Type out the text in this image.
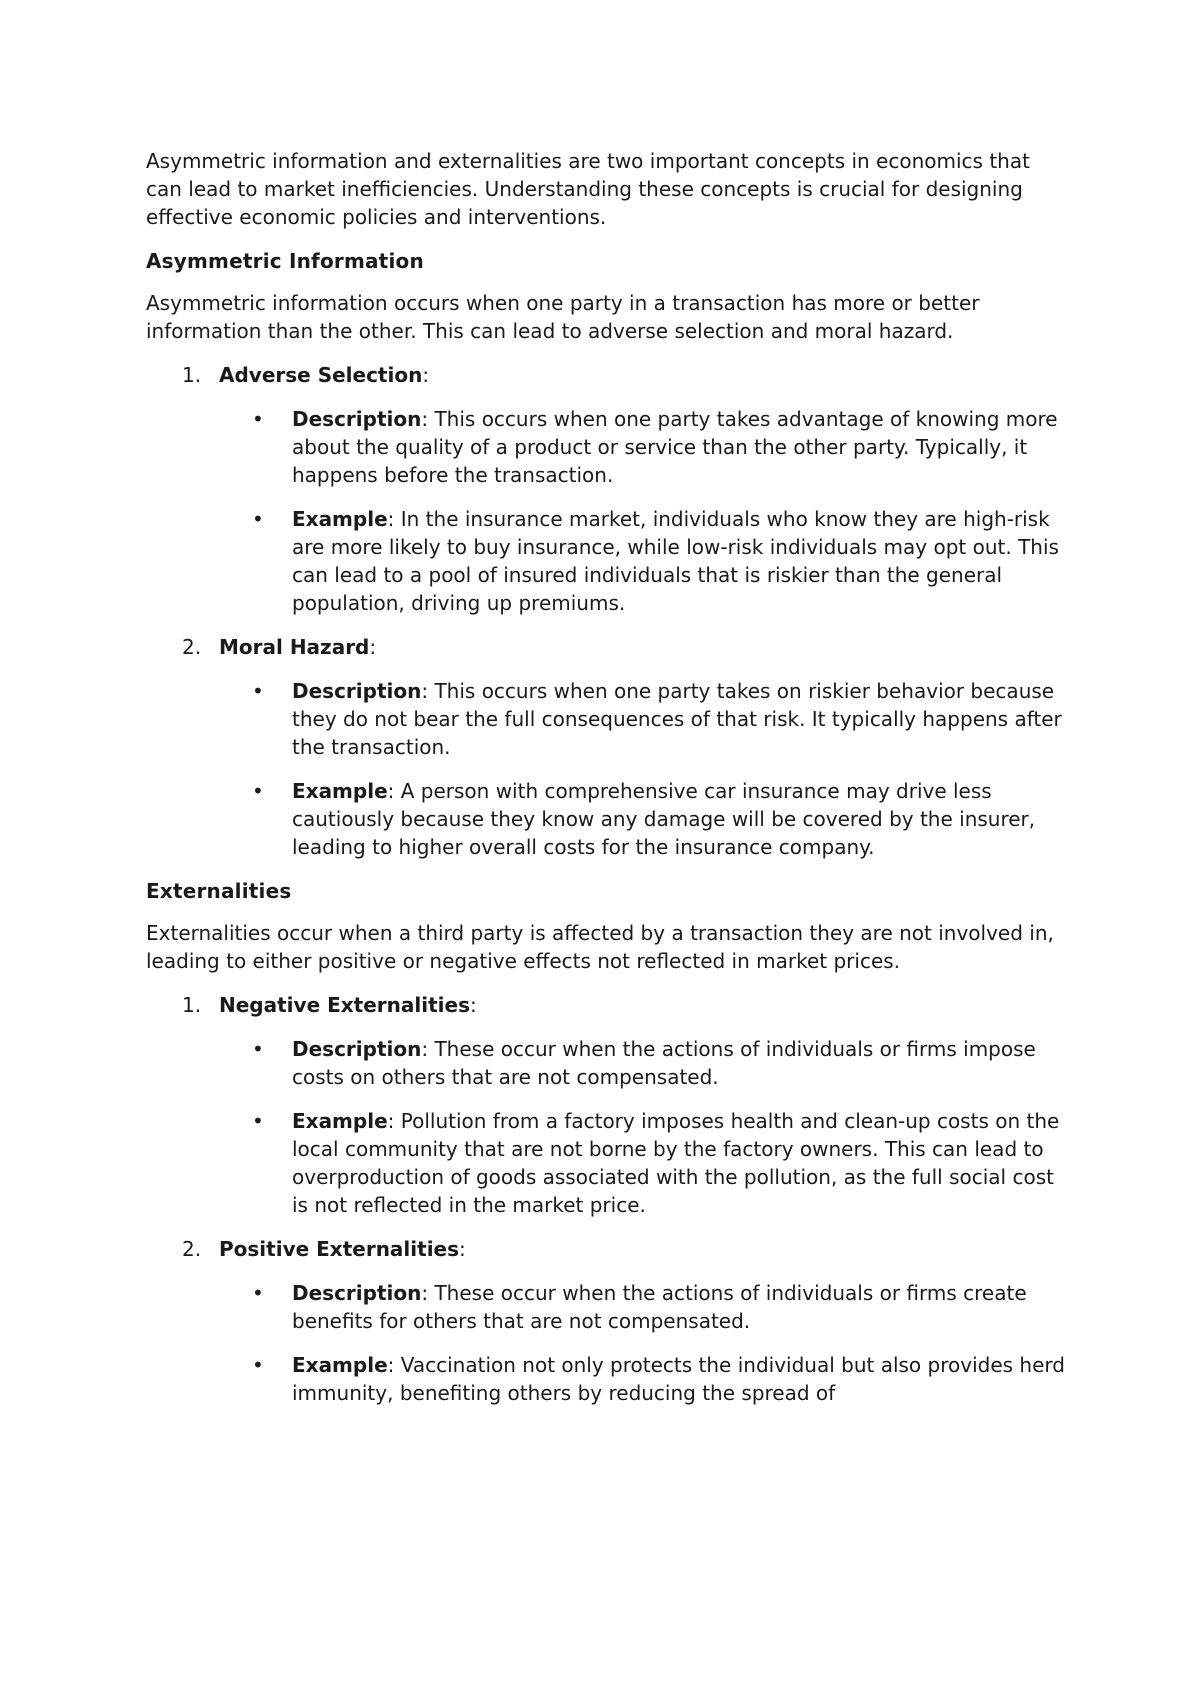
Asymmetric information and externalities are two important concepts in economics that can lead to market inefficiencies. Understanding these concepts is crucial for designing effective economic policies and interventions.

Asymmetric Information

Asymmetric information occurs when one party in a transaction has more or better information than the other. This can lead to adverse selection and moral hazard.

1. Adverse Selection:

• Description: This occurs when one party takes advantage of knowing more about the quality of a product or service than the other party. Typically, it happens before the transaction.
• Example: In the insurance market, individuals who know they are high-risk are more likely to buy insurance, while low-risk individuals may opt out. This can lead to a pool of insured individuals that is riskier than the general population, driving up premiums.
2. Moral Hazard:

• Description: This occurs when one party takes on riskier behavior because they do not bear the full consequences of that risk. It typically happens after the transaction.
• Example: A person with comprehensive car insurance may drive less cautiously because they know any damage will be covered by the insurer, leading to higher overall costs for the insurance company.
Externalities

Externalities occur when a third party is affected by a transaction they are not involved in, leading to either positive or negative effects not reflected in market prices.

1. Negative Externalities:

• Description: These occur when the actions of individuals or firms impose costs on others that are not compensated.
• Example: Pollution from a factory imposes health and clean-up costs on the local community that are not borne by the factory owners. This can lead to overproduction of goods associated with the pollution, as the full social cost is not reflected in the market price.
2. Positive Externalities:

• Description: These occur when the actions of individuals or firms create benefits for others that are not compensated.
• Example: Vaccination not only protects the individual but also provides herd immunity, benefiting others by reducing the spread of
